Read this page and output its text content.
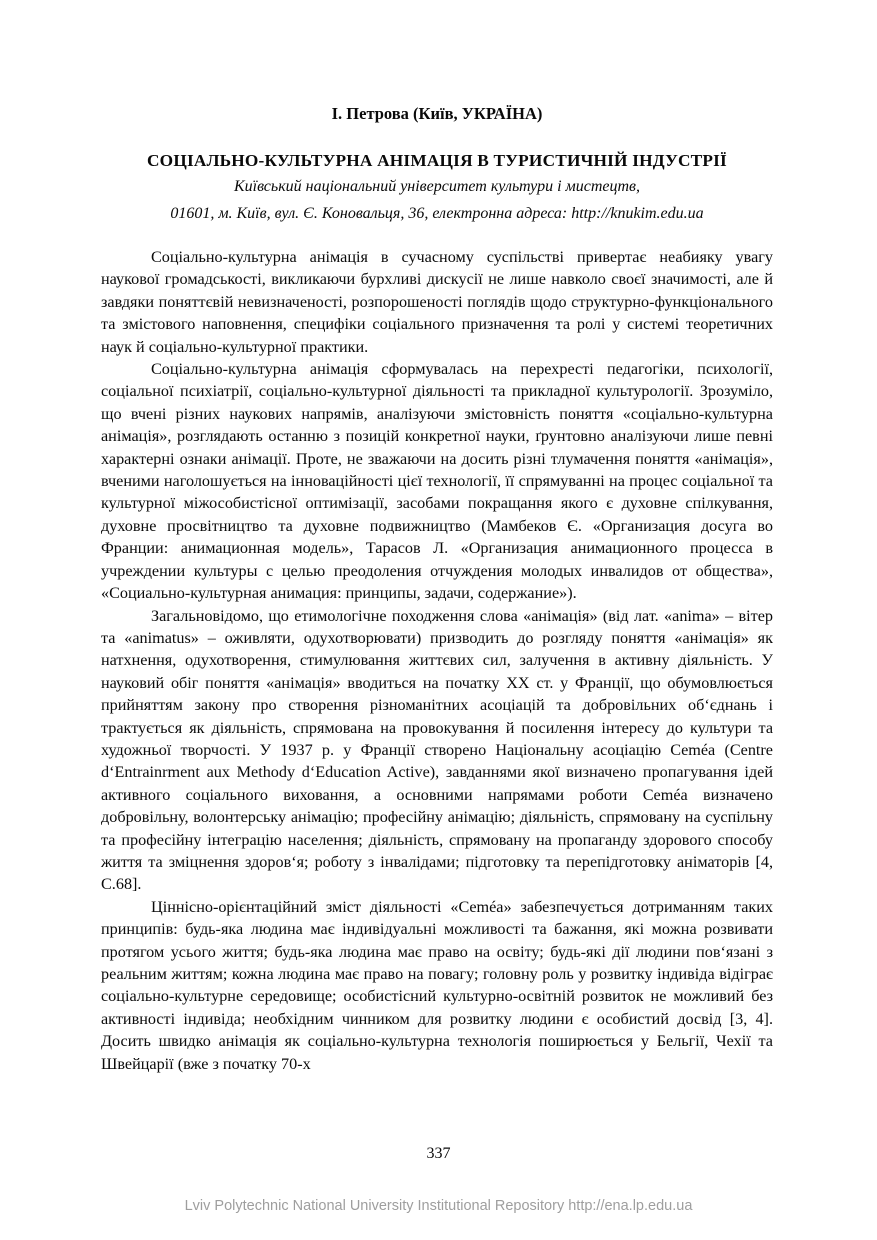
І. Петрова (Київ, УКРАЇНА)

СОЦІАЛЬНО-КУЛЬТУРНА АНІМАЦІЯ В ТУРИСТИЧНІЙ ІНДУСТРІЇ

Київський національний університет культури і мистецтв,

01601, м. Київ, вул. Є. Коновальця, 36, електронна адреса: http://knukim.edu.ua

Соціально-культурна анімація в сучасному суспільстві привертає неабияку увагу наукової громадськості, викликаючи бурхливі дискусії не лише навколо своєї значимості, але й завдяки поняттєвій невизначеності, розпорошеності поглядів щодо структурно-функціонального та змістового наповнення, специфіки соціального призначення та ролі у системі теоретичних наук й соціально-культурної практики.

Соціально-культурна анімація сформувалась на перехресті педагогіки, психології, соціальної психіатрії, соціально-культурної діяльності та прикладної культурології. Зрозуміло, що вчені різних наукових напрямів, аналізуючи змістовність поняття «соціально-культурна анімація», розглядають останню з позицій конкретної науки, ґрунтовно аналізуючи лише певні характерні ознаки анімації. Проте, не зважаючи на досить різні тлумачення поняття «анімація», вченими наголошується на інноваційності цієї технології, її спрямуванні на процес соціальної та культурної міжособистісної оптимізації, засобами покращання якого є духовне спілкування, духовне просвітництво та духовне подвижництво (Мамбеков Є. «Организация досуга во Франции: анимационная модель», Тарасов Л. «Организация анимационного процесса в учреждении культуры с целью преодоления отчуждения молодых инвалидов от общества», «Социально-культурная анимация: принципы, задачи, содержание»).

Загальновідомо, що етимологічне походження слова «анімація» (від лат. «anima» – вітер та «animatus» – оживляти, одухотворювати) призводить до розгляду поняття «анімація» як натхнення, одухотворення, стимулювання життєвих сил, залучення в активну діяльність. У науковий обіг поняття «анімація» вводиться на початку ХХ ст. у Франції, що обумовлюється прийняттям закону про створення різноманітних асоціацій та добровільних об‘єднань і трактується як діяльність, спрямована на провокування й посилення інтересу до культури та художньої творчості. У 1937 р. у Франції створено Національну асоціацію Ceméa (Centre d‘Entrainrment aux Methody d‘Education Active), завданнями якої визначено пропагування ідей активного соціального виховання, а основними напрямами роботи Ceméa визначено добровільну, волонтерську анімацію; професійну анімацію; діяльність, спрямовану на суспільну та професійну інтеграцію населення; діяльність, спрямовану на пропаганду здорового способу життя та зміцнення здоров‘я; роботу з інвалідами; підготовку та перепідготовку аніматорів [4, С.68].

Ціннісно-орієнтаційний зміст діяльності «Ceméa» забезпечується дотриманням таких принципів: будь-яка людина має індивідуальні можливості та бажання, які можна розвивати протягом усього життя; будь-яка людина має право на освіту; будь-які дії людини пов‘язані з реальним життям; кожна людина має право на повагу; головну роль у розвитку індивіда відіграє соціально-культурне середовище; особистісний культурно-освітній розвиток не можливий без активності індивіда; необхідним чинником для розвитку людини є особистий досвід [3, 4]. Досить швидко анімація як соціально-культурна технологія поширюється у Бельгії, Чехії та Швейцарії (вже з початку 70-х

337
Lviv Polytechnic National University Institutional Repository http://ena.lp.edu.ua
